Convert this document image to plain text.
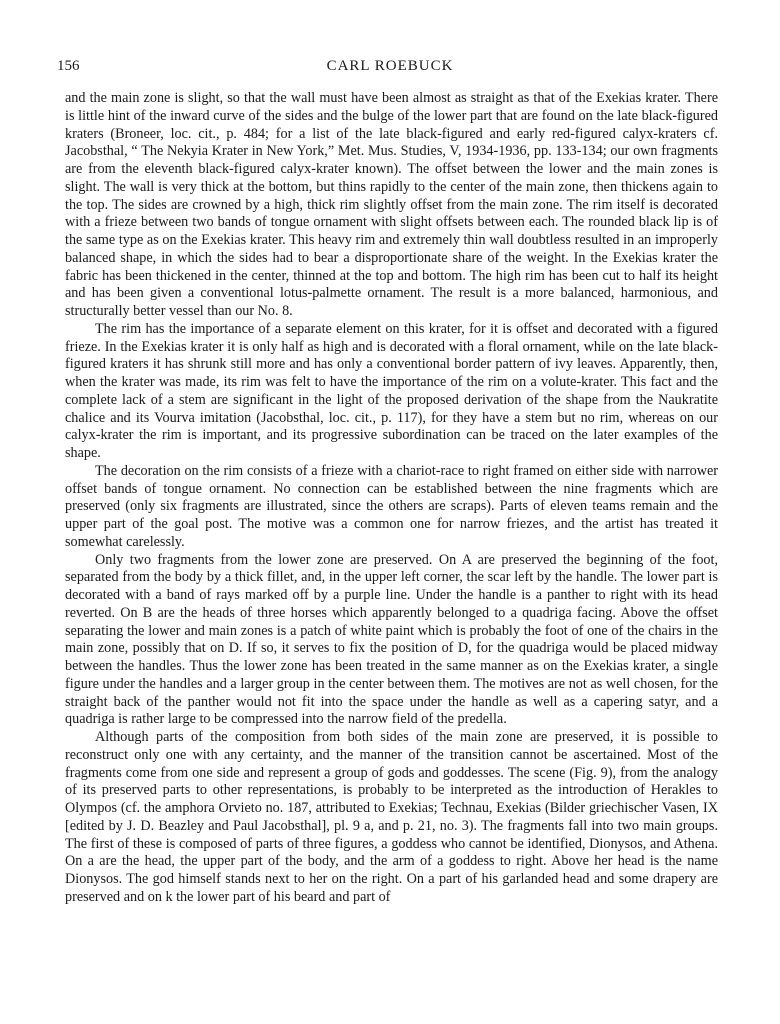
156	CARL ROEBUCK

and the main zone is slight, so that the wall must have been almost as straight as that of the Exekias krater. There is little hint of the inward curve of the sides and the bulge of the lower part that are found on the late black-figured kraters (Broneer, loc. cit., p. 484; for a list of the late black-figured and early red-figured calyx-kraters cf. Jacobsthal, “ The Nekyia Krater in New York,” Met. Mus. Studies, V, 1934-1936, pp. 133-134; our own fragments are from the eleventh black-figured calyx-krater known). The offset between the lower and the main zones is slight. The wall is very thick at the bottom, but thins rapidly to the center of the main zone, then thickens again to the top. The sides are crowned by a high, thick rim slightly offset from the main zone. The rim itself is decorated with a frieze between two bands of tongue ornament with slight offsets between each. The rounded black lip is of the same type as on the Exekias krater. This heavy rim and extremely thin wall doubtless resulted in an improperly balanced shape, in which the sides had to bear a disproportionate share of the weight. In the Exekias krater the fabric has been thickened in the center, thinned at the top and bottom. The high rim has been cut to half its height and has been given a conventional lotus-palmette ornament. The result is a more balanced, harmonious, and structurally better vessel than our No. 8.

The rim has the importance of a separate element on this krater, for it is offset and decorated with a figured frieze. In the Exekias krater it is only half as high and is decorated with a floral ornament, while on the late black-figured kraters it has shrunk still more and has only a conventional border pattern of ivy leaves. Apparently, then, when the krater was made, its rim was felt to have the importance of the rim on a volute-krater. This fact and the complete lack of a stem are significant in the light of the proposed derivation of the shape from the Naukratite chalice and its Vourva imitation (Jacobsthal, loc. cit., p. 117), for they have a stem but no rim, whereas on our calyx-krater the rim is important, and its progressive subordination can be traced on the later examples of the shape.

The decoration on the rim consists of a frieze with a chariot-race to right framed on either side with narrower offset bands of tongue ornament. No connection can be established between the nine fragments which are preserved (only six fragments are illustrated, since the others are scraps). Parts of eleven teams remain and the upper part of the goal post. The motive was a common one for narrow friezes, and the artist has treated it somewhat carelessly.

Only two fragments from the lower zone are preserved. On A are preserved the beginning of the foot, separated from the body by a thick fillet, and, in the upper left corner, the scar left by the handle. The lower part is decorated with a band of rays marked off by a purple line. Under the handle is a panther to right with its head reverted. On B are the heads of three horses which apparently belonged to a quadriga facing. Above the offset separating the lower and main zones is a patch of white paint which is probably the foot of one of the chairs in the main zone, possibly that on D. If so, it serves to fix the position of D, for the quadriga would be placed midway between the handles. Thus the lower zone has been treated in the same manner as on the Exekias krater, a single figure under the handles and a larger group in the center between them. The motives are not as well chosen, for the straight back of the panther would not fit into the space under the handle as well as a capering satyr, and a quadriga is rather large to be compressed into the narrow field of the predella.

Although parts of the composition from both sides of the main zone are preserved, it is possible to reconstruct only one with any certainty, and the manner of the transition cannot be ascertained. Most of the fragments come from one side and represent a group of gods and goddesses. The scene (Fig. 9), from the analogy of its preserved parts to other representations, is probably to be interpreted as the introduction of Herakles to Olympos (cf. the amphora Orvieto no. 187, attributed to Exekias; Technau, Exekias (Bilder griechischer Vasen, IX [edited by J. D. Beazley and Paul Jacobsthal], pl. 9 a, and p. 21, no. 3). The fragments fall into two main groups. The first of these is composed of parts of three figures, a goddess who cannot be identified, Dionysos, and Athena. On a are the head, the upper part of the body, and the arm of a goddess to right. Above her head is the name Dionysos. The god himself stands next to her on the right. On a part of his garlanded head and some drapery are preserved and on k the lower part of his beard and part of
